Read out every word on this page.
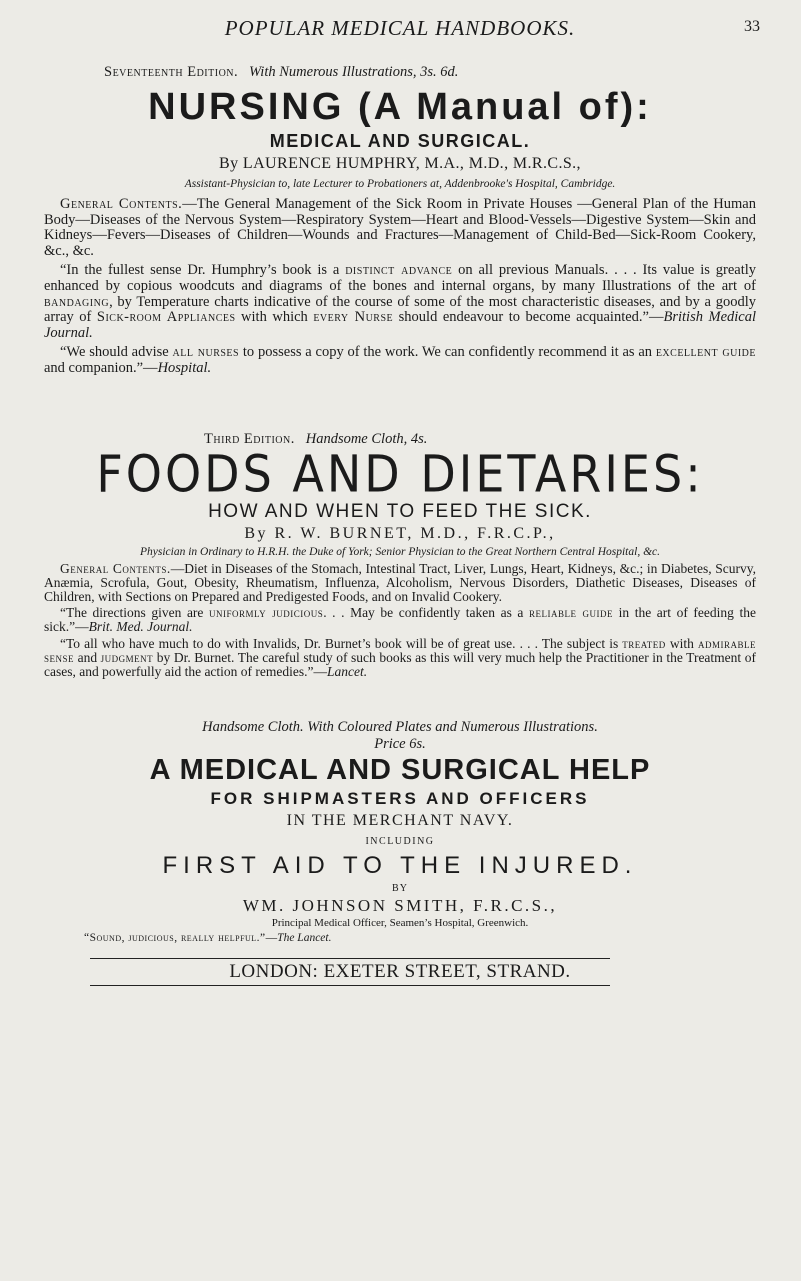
POPULAR MEDICAL HANDBOOKS.	33

Seventeenth Edition. With Numerous Illustrations, 3s. 6d.

NURSING (A Manual of):
MEDICAL AND SURGICAL.
By LAURENCE HUMPHRY, M.A., M.D., M.R.C.S.,
Assistant-Physician to, late Lecturer to Probationers at, Addenbrooke's Hospital, Cambridge.

General Contents.—The General Management of the Sick Room in Private Houses —General Plan of the Human Body—Diseases of the Nervous System—Respiratory System—Heart and Blood-Vessels—Digestive System—Skin and Kidneys—Fevers—Diseases of Children—Wounds and Fractures—Management of Child-Bed—Sick-Room Cookery, &c., &c.

“In the fullest sense Dr. Humphry’s book is a distinct advance on all previous Manuals. . . . Its value is greatly enhanced by copious woodcuts and diagrams of the bones and internal organs, by many Illustrations of the art of bandaging, by Temperature charts indicative of the course of some of the most characteristic diseases, and by a goodly array of Sick-room Appliances with which every Nurse should endeavour to become acquainted.”—British Medical Journal.

“We should advise all nurses to possess a copy of the work. We can confidently recommend it as an excellent guide and companion.”—Hospital.

Third Edition. Handsome Cloth, 4s.

FOODS AND DIETARIES:
HOW AND WHEN TO FEED THE SICK.
By R. W. BURNET, M.D., F.R.C.P.,
Physician in Ordinary to H.R.H. the Duke of York; Senior Physician to the Great Northern Central Hospital, &c.

General Contents.—Diet in Diseases of the Stomach, Intestinal Tract, Liver, Lungs, Heart, Kidneys, &c.; in Diabetes, Scurvy, Anæmia, Scrofula, Gout, Obesity, Rheumatism, Influenza, Alcoholism, Nervous Disorders, Diathetic Diseases, Diseases of Children, with Sections on Prepared and Predigested Foods, and on Invalid Cookery.

“The directions given are uniformly judicious. . . May be confidently taken as a reliable guide in the art of feeding the sick.”—Brit. Med. Journal.

“To all who have much to do with Invalids, Dr. Burnet’s book will be of great use. . . . The subject is treated with admirable sense and judgment by Dr. Burnet. The careful study of such books as this will very much help the Practitioner in the Treatment of cases, and powerfully aid the action of remedies.”—Lancet.

Handsome Cloth. With Coloured Plates and Numerous Illustrations.
Price 6s.
A MEDICAL AND SURGICAL HELP
FOR SHIPMASTERS AND OFFICERS
IN THE MERCHANT NAVY.
INCLUDING
FIRST AID TO THE INJURED.
BY
WM. JOHNSON SMITH, F.R.C.S.,
Principal Medical Officer, Seamen’s Hospital, Greenwich.

“Sound, judicious, really helpful.”—The Lancet.

LONDON: EXETER STREET, STRAND.
